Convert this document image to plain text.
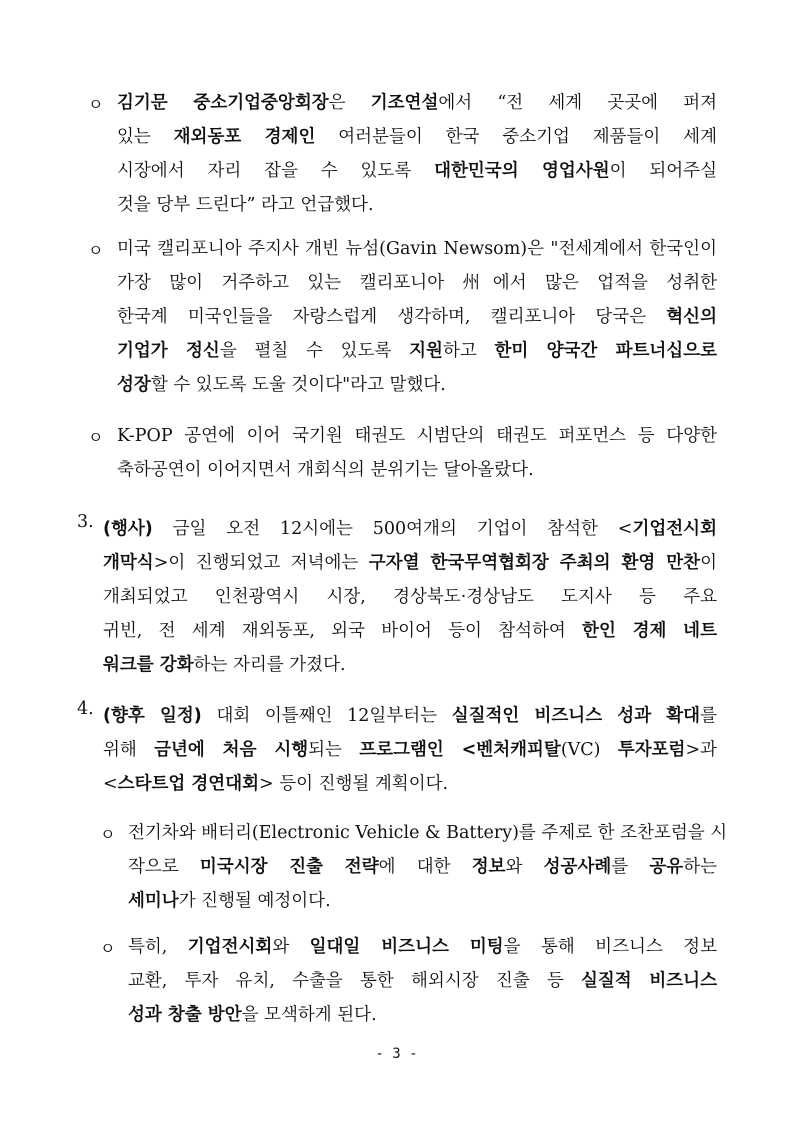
ㅇ 김기문 중소기업중앙회장은 기조연설에서 “전 세계 곳곳에 퍼져
있는 재외동포 경제인 여러분들이 한국 중소기업 제품들이 세계
시장에서 자리 잡을 수 있도록 대한민국의 영업사원이 되어주실
것을 당부 드린다” 라고 언급했다.
ㅇ 미국 캘리포니아 주지사 개빈 뉴섬(Gavin Newsom)은 "전세계에서 한국인이
가장 많이 거주하고 있는 캘리포니아 州에서 많은 업적을 성취한
한국계 미국인들을 자랑스럽게 생각하며, 캘리포니아 당국은 혁신의
기업가 정신을 펼칠 수 있도록 지원하고 한미 양국간 파트너십으로
성장할 수 있도록 도울 것이다"라고 말했다.
ㅇ K-POP 공연에 이어 국기원 태권도 시범단의 태권도 퍼포먼스 등 다양한
축하공연이 이어지면서 개회식의 분위기는 달아올랐다.
3. (행사) 금일 오전 12시에는 500여개의 기업이 참석한 <기업전시회
개막식>이 진행되었고 저녁에는 구자열 한국무역협회장 주최의 환영 만찬이
개최되었고 인천광역시 시장, 경상북도·경상남도 도지사 등 주요
귀빈, 전 세계 재외동포, 외국 바이어 등이 참석하여 한인 경제 네트
워크를 강화하는 자리를 가졌다.
4. (향후 일정) 대회 이틀째인 12일부터는 실질적인 비즈니스 성과 확대를
위해 금년에 처음 시행되는 프로그램인 <벤처캐피탈(VC) 투자포럼>과
<스타트업 경연대회> 등이 진행될 계획이다.
ㅇ 전기차와 배터리(Electronic Vehicle & Battery)를 주제로 한 조찬포럼을 시
작으로 미국시장 진출 전략에 대한 정보와 성공사례를 공유하는
세미나가 진행될 예정이다.
ㅇ 특히, 기업전시회와 일대일 비즈니스 미팅을 통해 비즈니스 정보
교환, 투자 유치, 수출을 통한 해외시장 진출 등 실질적 비즈니스
성과 창출 방안을 모색하게 된다.
- 3 -
